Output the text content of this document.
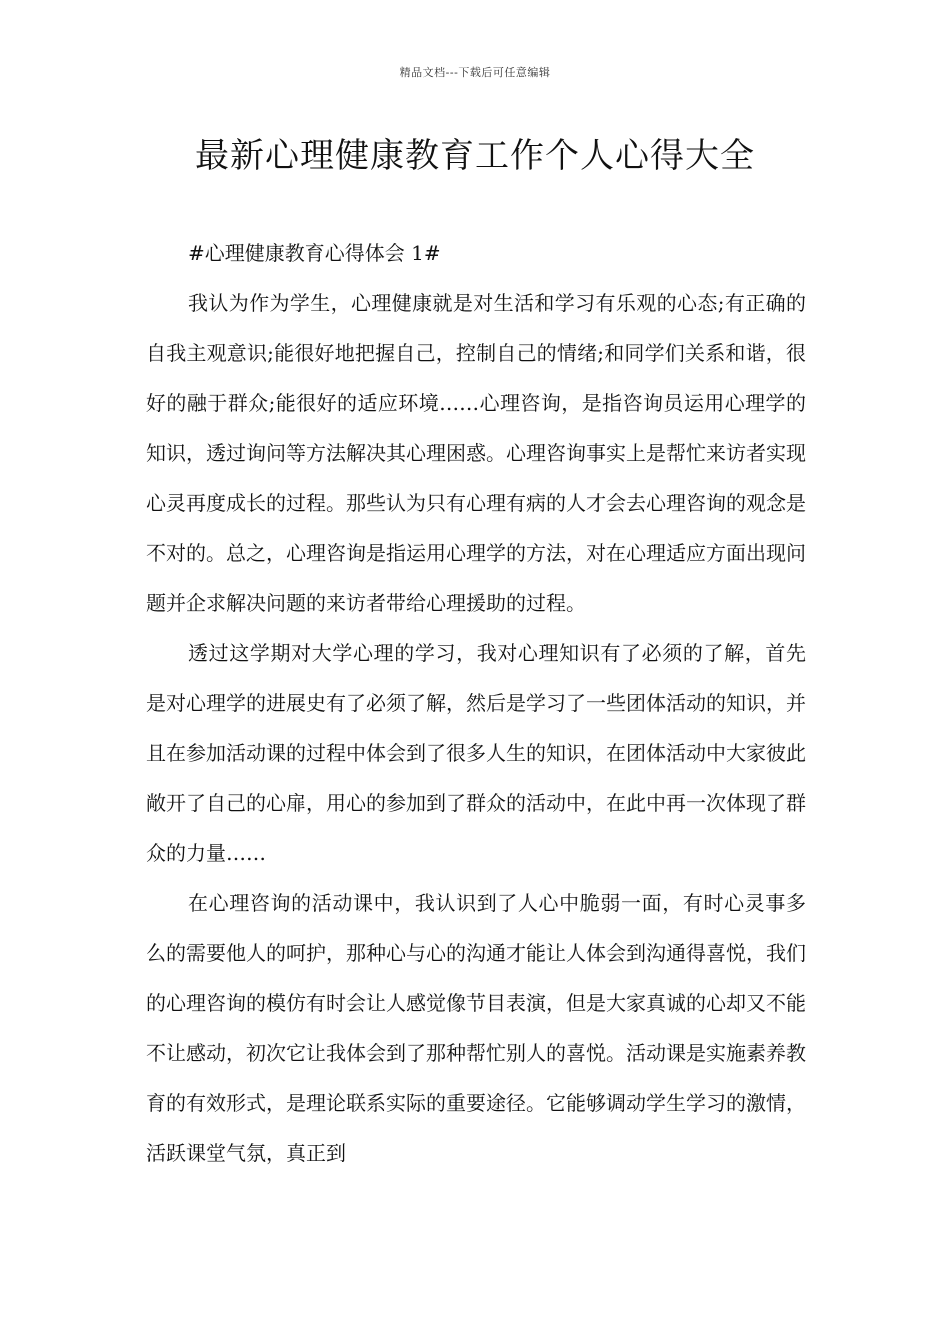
精品文档---下载后可任意编辑
最新心理健康教育工作个人心得大全

#心理健康教育心得体会 1#

我认为作为学生，心理健康就是对生活和学习有乐观的心态;有正确的自我主观意识;能很好地把握自己，控制自己的情绪;和同学们关系和谐，很好的融于群众;能很好的适应环境……心理咨询，是指咨询员运用心理学的知识，透过询问等方法解决其心理困惑。心理咨询事实上是帮忙来访者实现心灵再度成长的过程。那些认为只有心理有病的人才会去心理咨询的观念是不对的。总之，心理咨询是指运用心理学的方法，对在心理适应方面出现问题并企求解决问题的来访者带给心理援助的过程。

透过这学期对大学心理的学习，我对心理知识有了必须的了解，首先是对心理学的进展史有了必须了解，然后是学习了一些团体活动的知识，并且在参加活动课的过程中体会到了很多人生的知识，在团体活动中大家彼此敞开了自己的心扉，用心的参加到了群众的活动中，在此中再一次体现了群众的力量……

在心理咨询的活动课中，我认识到了人心中脆弱一面，有时心灵事多么的需要他人的呵护，那种心与心的沟通才能让人体会到沟通得喜悦，我们的心理咨询的模仿有时会让人感觉像节目表演，但是大家真诚的心却又不能不让感动，初次它让我体会到了那种帮忙别人的喜悦。活动课是实施素养教育的有效形式，是理论联系实际的重要途径。它能够调动学生学习的激情，活跃课堂气氛，真正到
